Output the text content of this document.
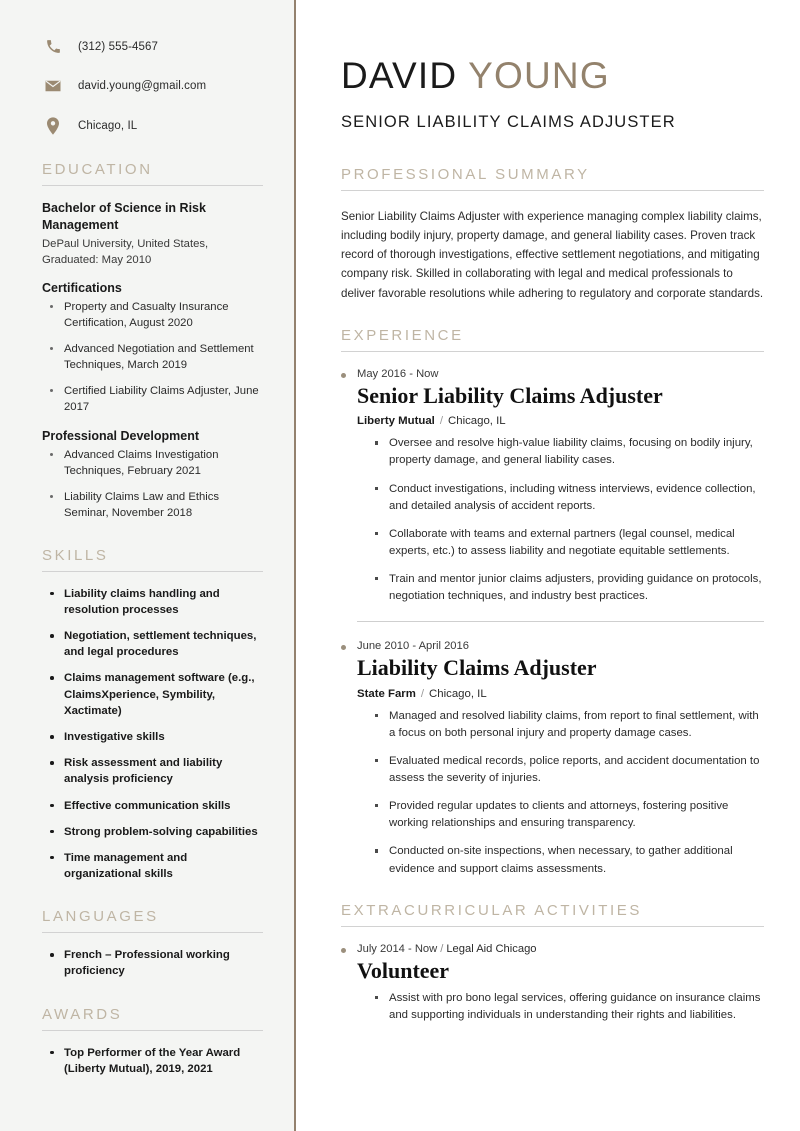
(312) 555-4567
david.young@gmail.com
Chicago, IL
EDUCATION
Bachelor of Science in Risk Management
DePaul University, United States, Graduated: May 2010
Certifications
Property and Casualty Insurance Certification, August 2020
Advanced Negotiation and Settlement Techniques, March 2019
Certified Liability Claims Adjuster, June 2017
Professional Development
Advanced Claims Investigation Techniques, February 2021
Liability Claims Law and Ethics Seminar, November 2018
SKILLS
Liability claims handling and resolution processes
Negotiation, settlement techniques, and legal procedures
Claims management software (e.g., ClaimsXperience, Symbility, Xactimate)
Investigative skills
Risk assessment and liability analysis proficiency
Effective communication skills
Strong problem-solving capabilities
Time management and organizational skills
LANGUAGES
French – Professional working proficiency
AWARDS
Top Performer of the Year Award (Liberty Mutual), 2019, 2021
DAVID YOUNG
SENIOR LIABILITY CLAIMS ADJUSTER
PROFESSIONAL SUMMARY

Senior Liability Claims Adjuster with experience managing complex liability claims, including bodily injury, property damage, and general liability cases. Proven track record of thorough investigations, effective settlement negotiations, and mitigating company risk. Skilled in collaborating with legal and medical professionals to deliver favorable resolutions while adhering to regulatory and corporate standards.

EXPERIENCE
May 2016 - Now
Senior Liability Claims Adjuster
Liberty Mutual / Chicago, IL
Oversee and resolve high-value liability claims, focusing on bodily injury, property damage, and general liability cases.
Conduct investigations, including witness interviews, evidence collection, and detailed analysis of accident reports.
Collaborate with teams and external partners (legal counsel, medical experts, etc.) to assess liability and negotiate equitable settlements.
Train and mentor junior claims adjusters, providing guidance on protocols, negotiation techniques, and industry best practices.
June 2010 - April 2016
Liability Claims Adjuster
State Farm / Chicago, IL
Managed and resolved liability claims, from report to final settlement, with a focus on both personal injury and property damage cases.
Evaluated medical records, police reports, and accident documentation to assess the severity of injuries.
Provided regular updates to clients and attorneys, fostering positive working relationships and ensuring transparency.
Conducted on-site inspections, when necessary, to gather additional evidence and support claims assessments.
EXTRACURRICULAR ACTIVITIES
July 2014 - Now / Legal Aid Chicago
Volunteer
Assist with pro bono legal services, offering guidance on insurance claims and supporting individuals in understanding their rights and liabilities.
